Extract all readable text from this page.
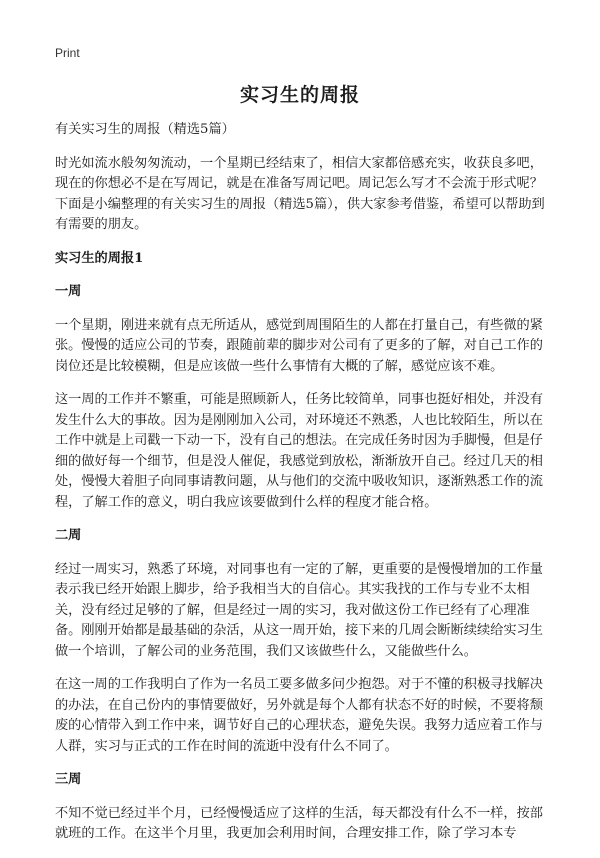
Print
实习生的周报

有关实习生的周报（精选5篇）

时光如流水般匆匆流动，一个星期已经结束了，相信大家都倍感充实，收获良多吧，现在的你想必不是在写周记，就是在准备写周记吧。周记怎么写才不会流于形式呢？下面是小编整理的有关实习生的周报（精选5篇），供大家参考借鉴，希望可以帮助到有需要的朋友。

实习生的周报1

一周

一个星期，刚进来就有点无所适从，感觉到周围陌生的人都在打量自己，有些微的紧张。慢慢的适应公司的节奏，跟随前辈的脚步对公司有了更多的了解，对自己工作的岗位还是比较模糊，但是应该做一些什么事情有大概的了解，感觉应该不难。

这一周的工作并不繁重，可能是照顾新人，任务比较简单，同事也挺好相处，并没有发生什么大的事故。因为是刚刚加入公司，对环境还不熟悉，人也比较陌生，所以在工作中就是上司戳一下动一下，没有自己的想法。在完成任务时因为手脚慢，但是仔细的做好每一个细节，但是没人催促，我感觉到放松，渐渐放开自己。经过几天的相处，慢慢大着胆子向同事请教问题，从与他们的交流中吸收知识，逐渐熟悉工作的流程，了解工作的意义，明白我应该要做到什么样的程度才能合格。

二周

经过一周实习，熟悉了环境，对同事也有一定的了解，更重要的是慢慢增加的工作量表示我已经开始跟上脚步，给予我相当大的自信心。其实我找的工作与专业不太相关，没有经过足够的了解，但是经过一周的实习，我对做这份工作已经有了心理准备。刚刚开始都是最基础的杂活，从这一周开始，接下来的几周会断断续续给实习生做一个培训，了解公司的业务范围，我们又该做些什么，又能做些什么。

在这一周的工作我明白了作为一名员工要多做多问少抱怨。对于不懂的积极寻找解决的办法，在自己份内的事情要做好，另外就是每个人都有状态不好的时候，不要将颓废的心情带入到工作中来，调节好自己的心理状态，避免失误。我努力适应着工作与人群，实习与正式的工作在时间的流逝中没有什么不同了。

三周

不知不觉已经过半个月，已经慢慢适应了这样的生活，每天都没有什么不一样，按部就班的工作。在这半个月里，我更加会利用时间，合理安排工作，除了学习本专
